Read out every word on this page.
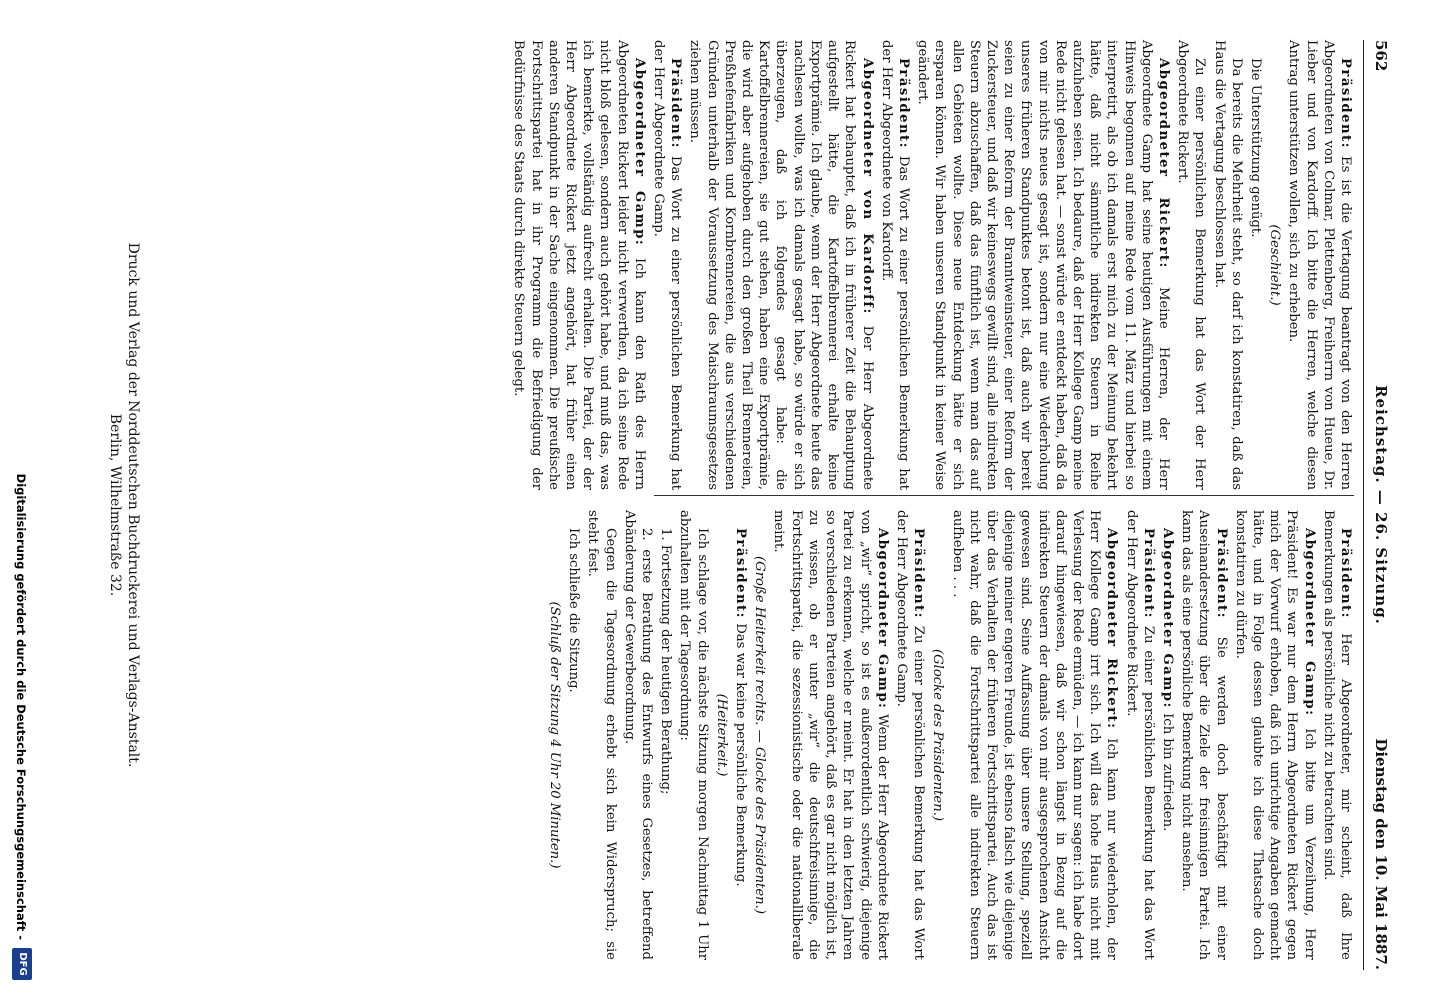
562
Reichstag. — 26. Sitzung.
Dienstag den 10. Mai 1887.

Präsident: Es ist die Vertagung beantragt von den Herren Abgeordneten von Colmar, Plettenberg, Freiherrn von Hueue, Dr. Lieber und von Kardorff. Ich bitte die Herren, welche diesen Antrag unterstützen wollen, sich zu erheben.

(Geschieht.)

Die Unterstützung genügt.

Da bereits die Mehrheit steht, so darf ich konstatiren, daß das Haus die Vertagung beschlossen hat.

Zu einer persönlichen Bemerkung hat das Wort der Herr Abgeordnete Rickert.

Abgeordneter Rickert: Meine Herren, der Herr Abgeordnete Gamp hat seine heutigen Ausführungen mit einem Hinweis begonnen auf meine Rede vom 11. März und hierbei so interpretirt, als ob ich damals erst mich zu der Meinung bekehrt hätte, daß nicht sämmtliche indirekten Steuern in Reihe aufzuheben seien. Ich bedaure, daß der Herr Kollege Gamp meine Rede nicht gelesen hat. — sonst würde er entdeckt haben, daß da von mir nichts neues gesagt ist, sondern nur eine Wiederholung unseres früheren Standpunktes betont ist, daß auch wir bereit seien zu einer Reform der Branntweinsteuer, einer Reform der Zuckersteuer, und daß wir keineswegs gewillt sind, alle indirekten Steuern abzuschaffen, daß das fünftlich ist, wenn man das auf allen Gebieten wollte. Diese neue Entdeckung hätte er sich ersparen können. Wir haben unseren Standpunkt in keiner Weise geändert.

Präsident: Das Wort zu einer persönlichen Bemerkung hat der Herr Abgeordnete von Kardorff.

Abgeordneter von Kardorff: Der Herr Abgeordnete Rickert hat behauptet, daß ich in früherer Zeit die Behauptung aufgestellt hätte, die Kartoffelbrennerei erhalte keine Exportprämie. Ich glaube, wenn der Herr Abgeordnete heute das nachlesen wollte, was ich damals gesagt habe, so würde er sich überzeugen, daß ich folgendes gesagt habe: die Kartoffelbrennereien, sie gut stehen, haben eine Exportprämie, die wird aber aufgehoben durch den großen Theil Brennereien, Preßhefenfabriken und Kornbrennereien, die aus verschiedenen Gründen unterhalb der Voraussetzung des Maischraumsgesetzes ziehen müssen.

Präsident: Das Wort zu einer persönlichen Bemerkung hat der Herr Abgeordnete Gamp.

Abgeordneter Gamp: Ich kann den Rath des Herrn Abgeordneten Rickert leider nicht verwerthen, da ich seine Rede nicht bloß gelesen, sondern auch gehört habe, und muß das, was ich bemerkte, vollständig aufrecht erhalten. Die Partei, der der Herr Abgeordnete Rickert jetzt angehört, hat früher einen anderen Standpunkt in der Sache eingenommen. Die preußische Fortschrittspartei hat in ihr Programm die Befriedigung der Bedürfnisse des Staats durch direkte Steuern gelegt.

Präsident: Herr Abgeordneter, mir scheint, daß Ihre Bemerkungen als persönliche nicht zu betrachten sind.

Abgeordneter Gamp: Ich bitte um Verzeihung, Herr Präsident! Es war nur dem Herrn Abgeordneten Rickert gegen mich der Vorwurf erhoben, daß ich unrichtige Angaben gemacht hätte, und in Folge dessen glaubte ich diese Thatsache doch konstatiren zu dürfen.

Präsident: Sie werden doch beschäftigt mit einer Auseinandersetzung über die Ziele der freisinnigen Partei. Ich kann das als eine persönliche Bemerkung nicht ansehen.

Abgeordneter Gamp: Ich bin zufrieden.

Präsident: Zu einer persönlichen Bemerkung hat das Wort der Herr Abgeordnete Rickert.

Abgeordneter Rickert: Ich kann nur wiederholen, der Herr Kollege Gamp irrt sich. Ich will das hohe Haus nicht mit Verlesung der Rede ermüden, — ich kann nur sagen: ich habe dort darauf hingewiesen, daß wir schon längst in Bezug auf die indirekten Steuern der damals von mir ausgesprochenen Ansicht gewesen sind. Seine Auffassung über unsere Stellung, speziell diejenige meiner engeren Freunde, ist ebenso falsch wie diejenige über das Verhalten der früheren Fortschrittspartei. Auch das ist nicht wahr, daß die Fortschrittspartei alle indirekten Steuern aufheben . . .

(Glocke des Präsidenten.)

Präsident: Zu einer persönlichen Bemerkung hat das Wort der Herr Abgeordnete Gamp.

Abgeordneter Gamp: Wenn der Herr Abgeordnete Rickert von „wir“ spricht, so ist es außerordentlich schwierig, diejenige Partei zu erkennen, welche er meint. Er hat in den letzten Jahren so verschiedenen Parteien angehört, daß es gar nicht möglich ist, zu wissen, ob er unter „wir“ die deutschfreisinnige, die Fortschrittspartei, die sezessionistische oder die nationalliberale meint.

(Große Heiterkeit rechts. — Glocke des Präsidenten.)

Präsident: Das war keine persönliche Bemerkung.

(Heiterkeit.)

Ich schlage vor, die nächste Sitzung morgen Nachmittag 1 Uhr abzuhalten mit der Tagesordnung:

1. Fortsetzung der heutigen Berathung;

2. erste Berathung des Entwurfs eines Gesetzes, betreffend Abänderung der Gewerbeordnung.

Gegen die Tagesordnung erhebt sich kein Widerspruch; sie steht fest.

Ich schließe die Sitzung.

(Schluß der Sitzung 4 Uhr 20 Minuten.)

Druck und Verlag der Norddeutschen Buchdruckerei und Verlags-Anstalt.
Berlin, Wilhelmstraße 32.
Digitalisierung gefördert durch die Deutsche Forschungsgemeinschaft -
DFG
